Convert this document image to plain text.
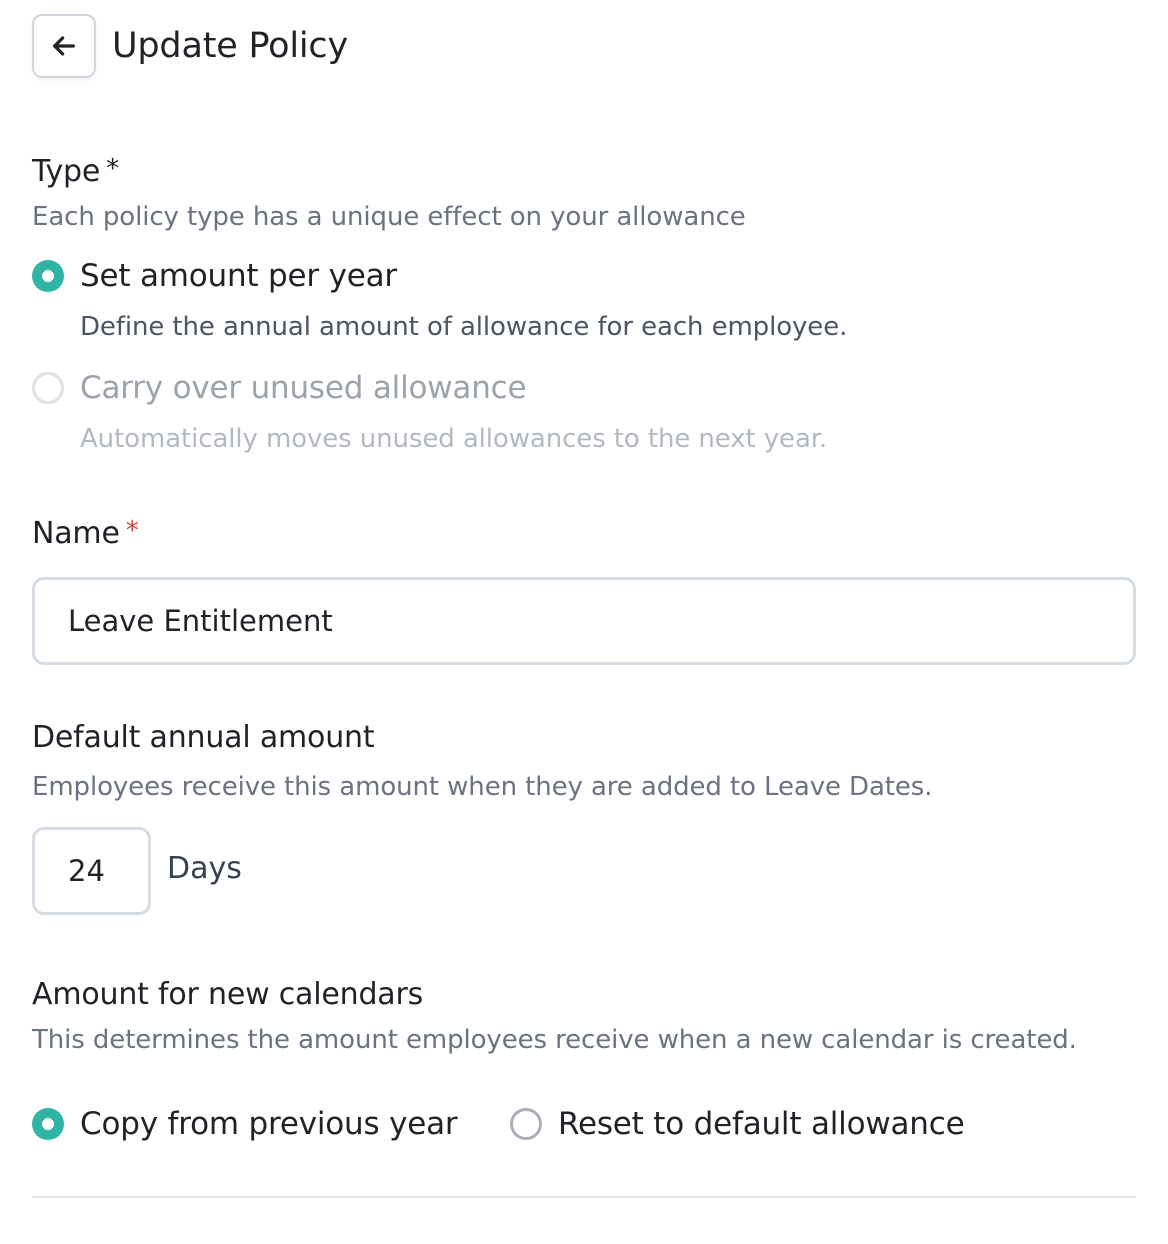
Update Policy
Type *
Each policy type has a unique effect on your allowance
Set amount per year
Define the annual amount of allowance for each employee.
Carry over unused allowance
Automatically moves unused allowances to the next year.
Name *
Leave Entitlement
Default annual amount
Employees receive this amount when they are added to Leave Dates.
24
Days
Amount for new calendars
This determines the amount employees receive when a new calendar is created.
Copy from previous year	Reset to default allowance
